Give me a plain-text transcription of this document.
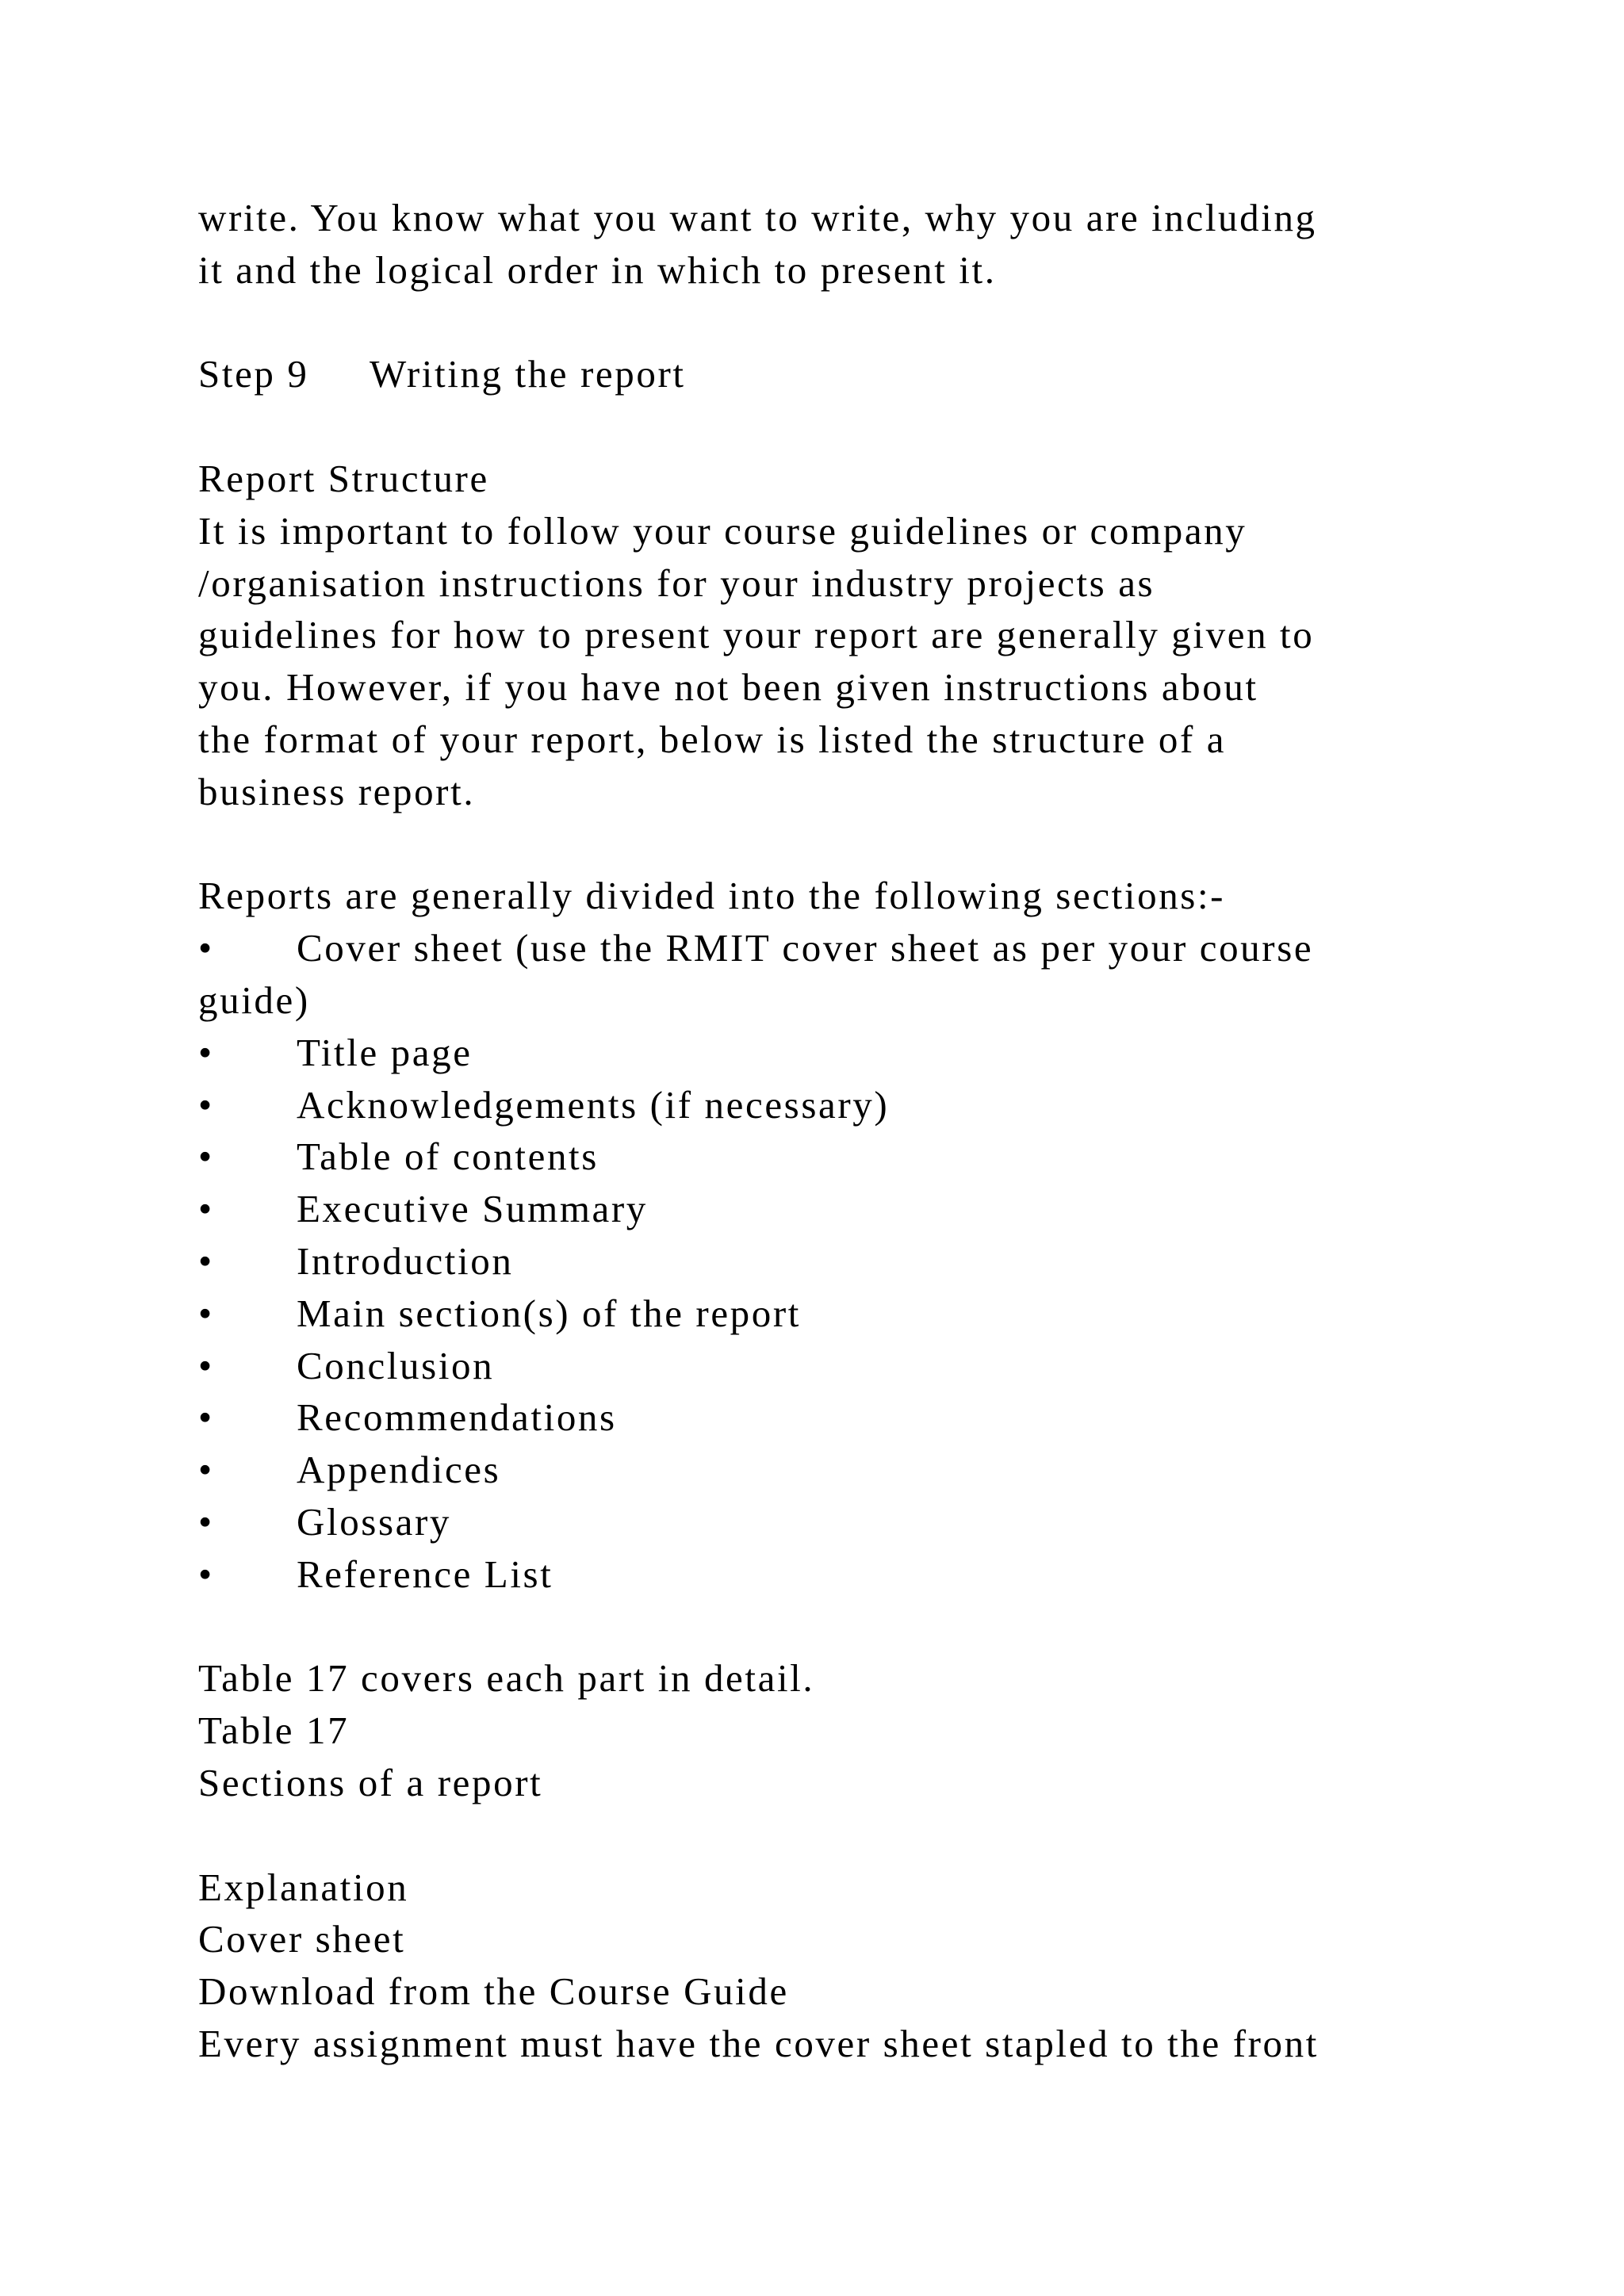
write. You know what you want to write, why you are including
it and the logical order in which to present it.
Step 9 Writing the report
Report Structure
It is important to follow your course guidelines or company
/organisation instructions for your industry projects as
guidelines for how to present your report are generally given to
you. However, if you have not been given instructions about
the format of your report, below is listed the structure of a
business report.
Reports are generally divided into the following sections:-
• Cover sheet (use the RMIT cover sheet as per your course
guide)
• Title page
• Acknowledgements (if necessary)
• Table of contents
• Executive Summary
• Introduction
• Main section(s) of the report
• Conclusion
• Recommendations
• Appendices
• Glossary
• Reference List
Table 17 covers each part in detail.
Table 17
Sections of a report
Explanation
Cover sheet
Download from the Course Guide
Every assignment must have the cover sheet stapled to the front
